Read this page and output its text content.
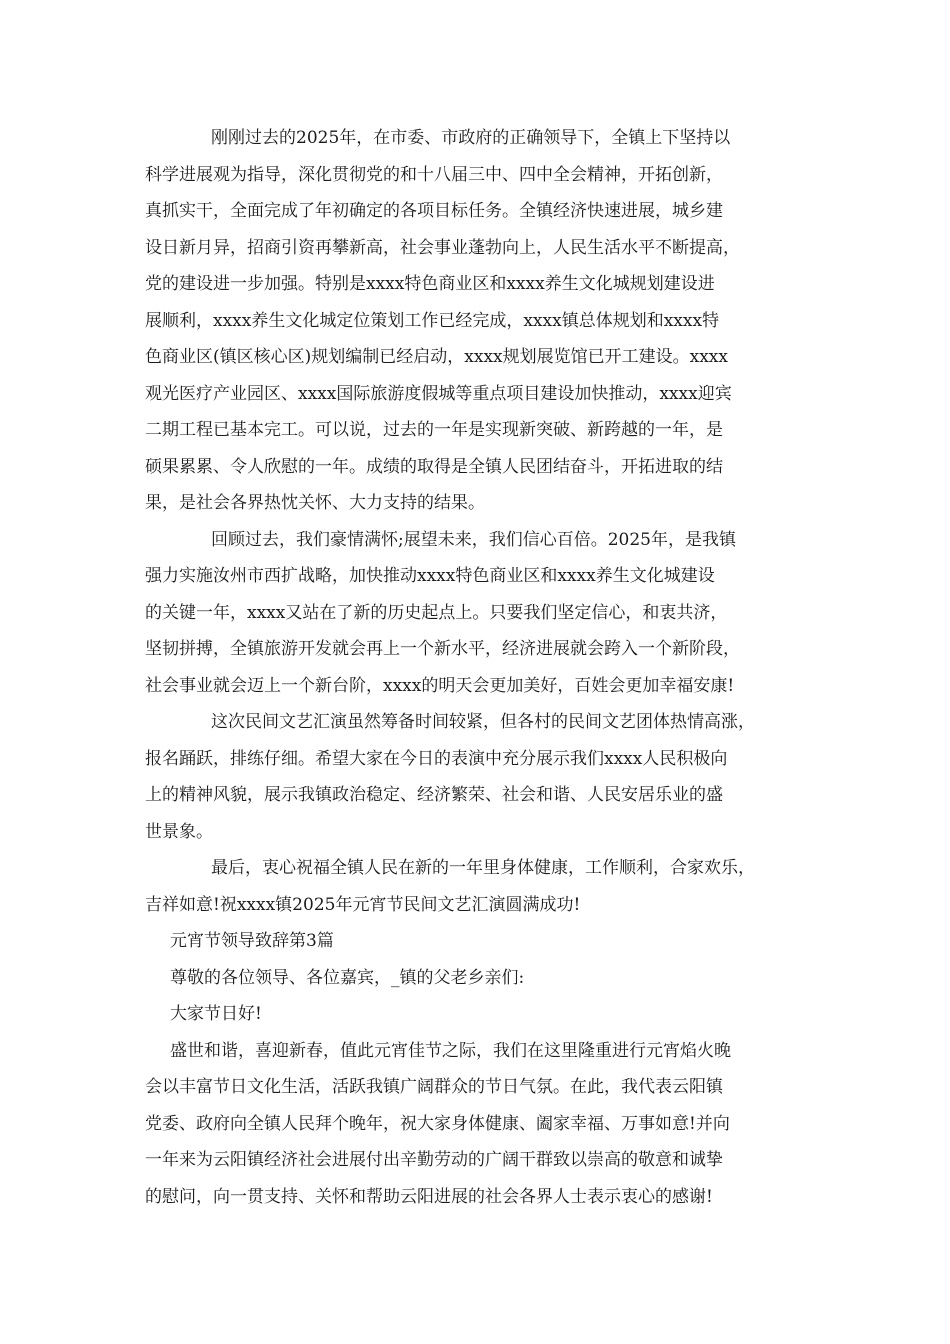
刚刚过去的2025年，在市委、市政府的正确领导下，全镇上下坚持以
科学进展观为指导，深化贯彻党的和十八届三中、四中全会精神，开拓创新，
真抓实干，全面完成了年初确定的各项目标任务。全镇经济快速进展，城乡建
设日新月异，招商引资再攀新高，社会事业蓬勃向上，人民生活水平不断提高，
党的建设进一步加强。特别是xxxx特色商业区和xxxx养生文化城规划建设进
展顺利，xxxx养生文化城定位策划工作已经完成，xxxx镇总体规划和xxxx特
色商业区(镇区核心区)规划编制已经启动，xxxx规划展览馆已开工建设。xxxx
观光医疗产业园区、xxxx国际旅游度假城等重点项目建设加快推动，xxxx迎宾
二期工程已基本完工。可以说，过去的一年是实现新突破、新跨越的一年，是
硕果累累、令人欣慰的一年。成绩的取得是全镇人民团结奋斗，开拓进取的结
果，是社会各界热忱关怀、大力支持的结果。
回顾过去，我们豪情满怀;展望未来，我们信心百倍。2025年，是我镇
强力实施汝州市西扩战略，加快推动xxxx特色商业区和xxxx养生文化城建设
的关键一年，xxxx又站在了新的历史起点上。只要我们坚定信心，和衷共济，
坚韧拼搏，全镇旅游开发就会再上一个新水平，经济进展就会跨入一个新阶段，
社会事业就会迈上一个新台阶，xxxx的明天会更加美好，百姓会更加幸福安康!
这次民间文艺汇演虽然筹备时间较紧，但各村的民间文艺团体热情高涨，
报名踊跃，排练仔细。希望大家在今日的表演中充分展示我们xxxx人民积极向
上的精神风貌，展示我镇政治稳定、经济繁荣、社会和谐、人民安居乐业的盛
世景象。
最后，衷心祝福全镇人民在新的一年里身体健康，工作顺利，合家欢乐，
吉祥如意!祝xxxx镇2025年元宵节民间文艺汇演圆满成功!
元宵节领导致辞第3篇
尊敬的各位领导、各位嘉宾，_镇的父老乡亲们:
大家节日好!
盛世和谐，喜迎新春，值此元宵佳节之际，我们在这里隆重进行元宵焰火晚
会以丰富节日文化生活，活跃我镇广阔群众的节日气氛。在此，我代表云阳镇
党委、政府向全镇人民拜个晚年，祝大家身体健康、阖家幸福、万事如意!并向
一年来为云阳镇经济社会进展付出辛勤劳动的广阔干群致以崇高的敬意和诚挚
的慰问，向一贯支持、关怀和帮助云阳进展的社会各界人士表示衷心的感谢!
